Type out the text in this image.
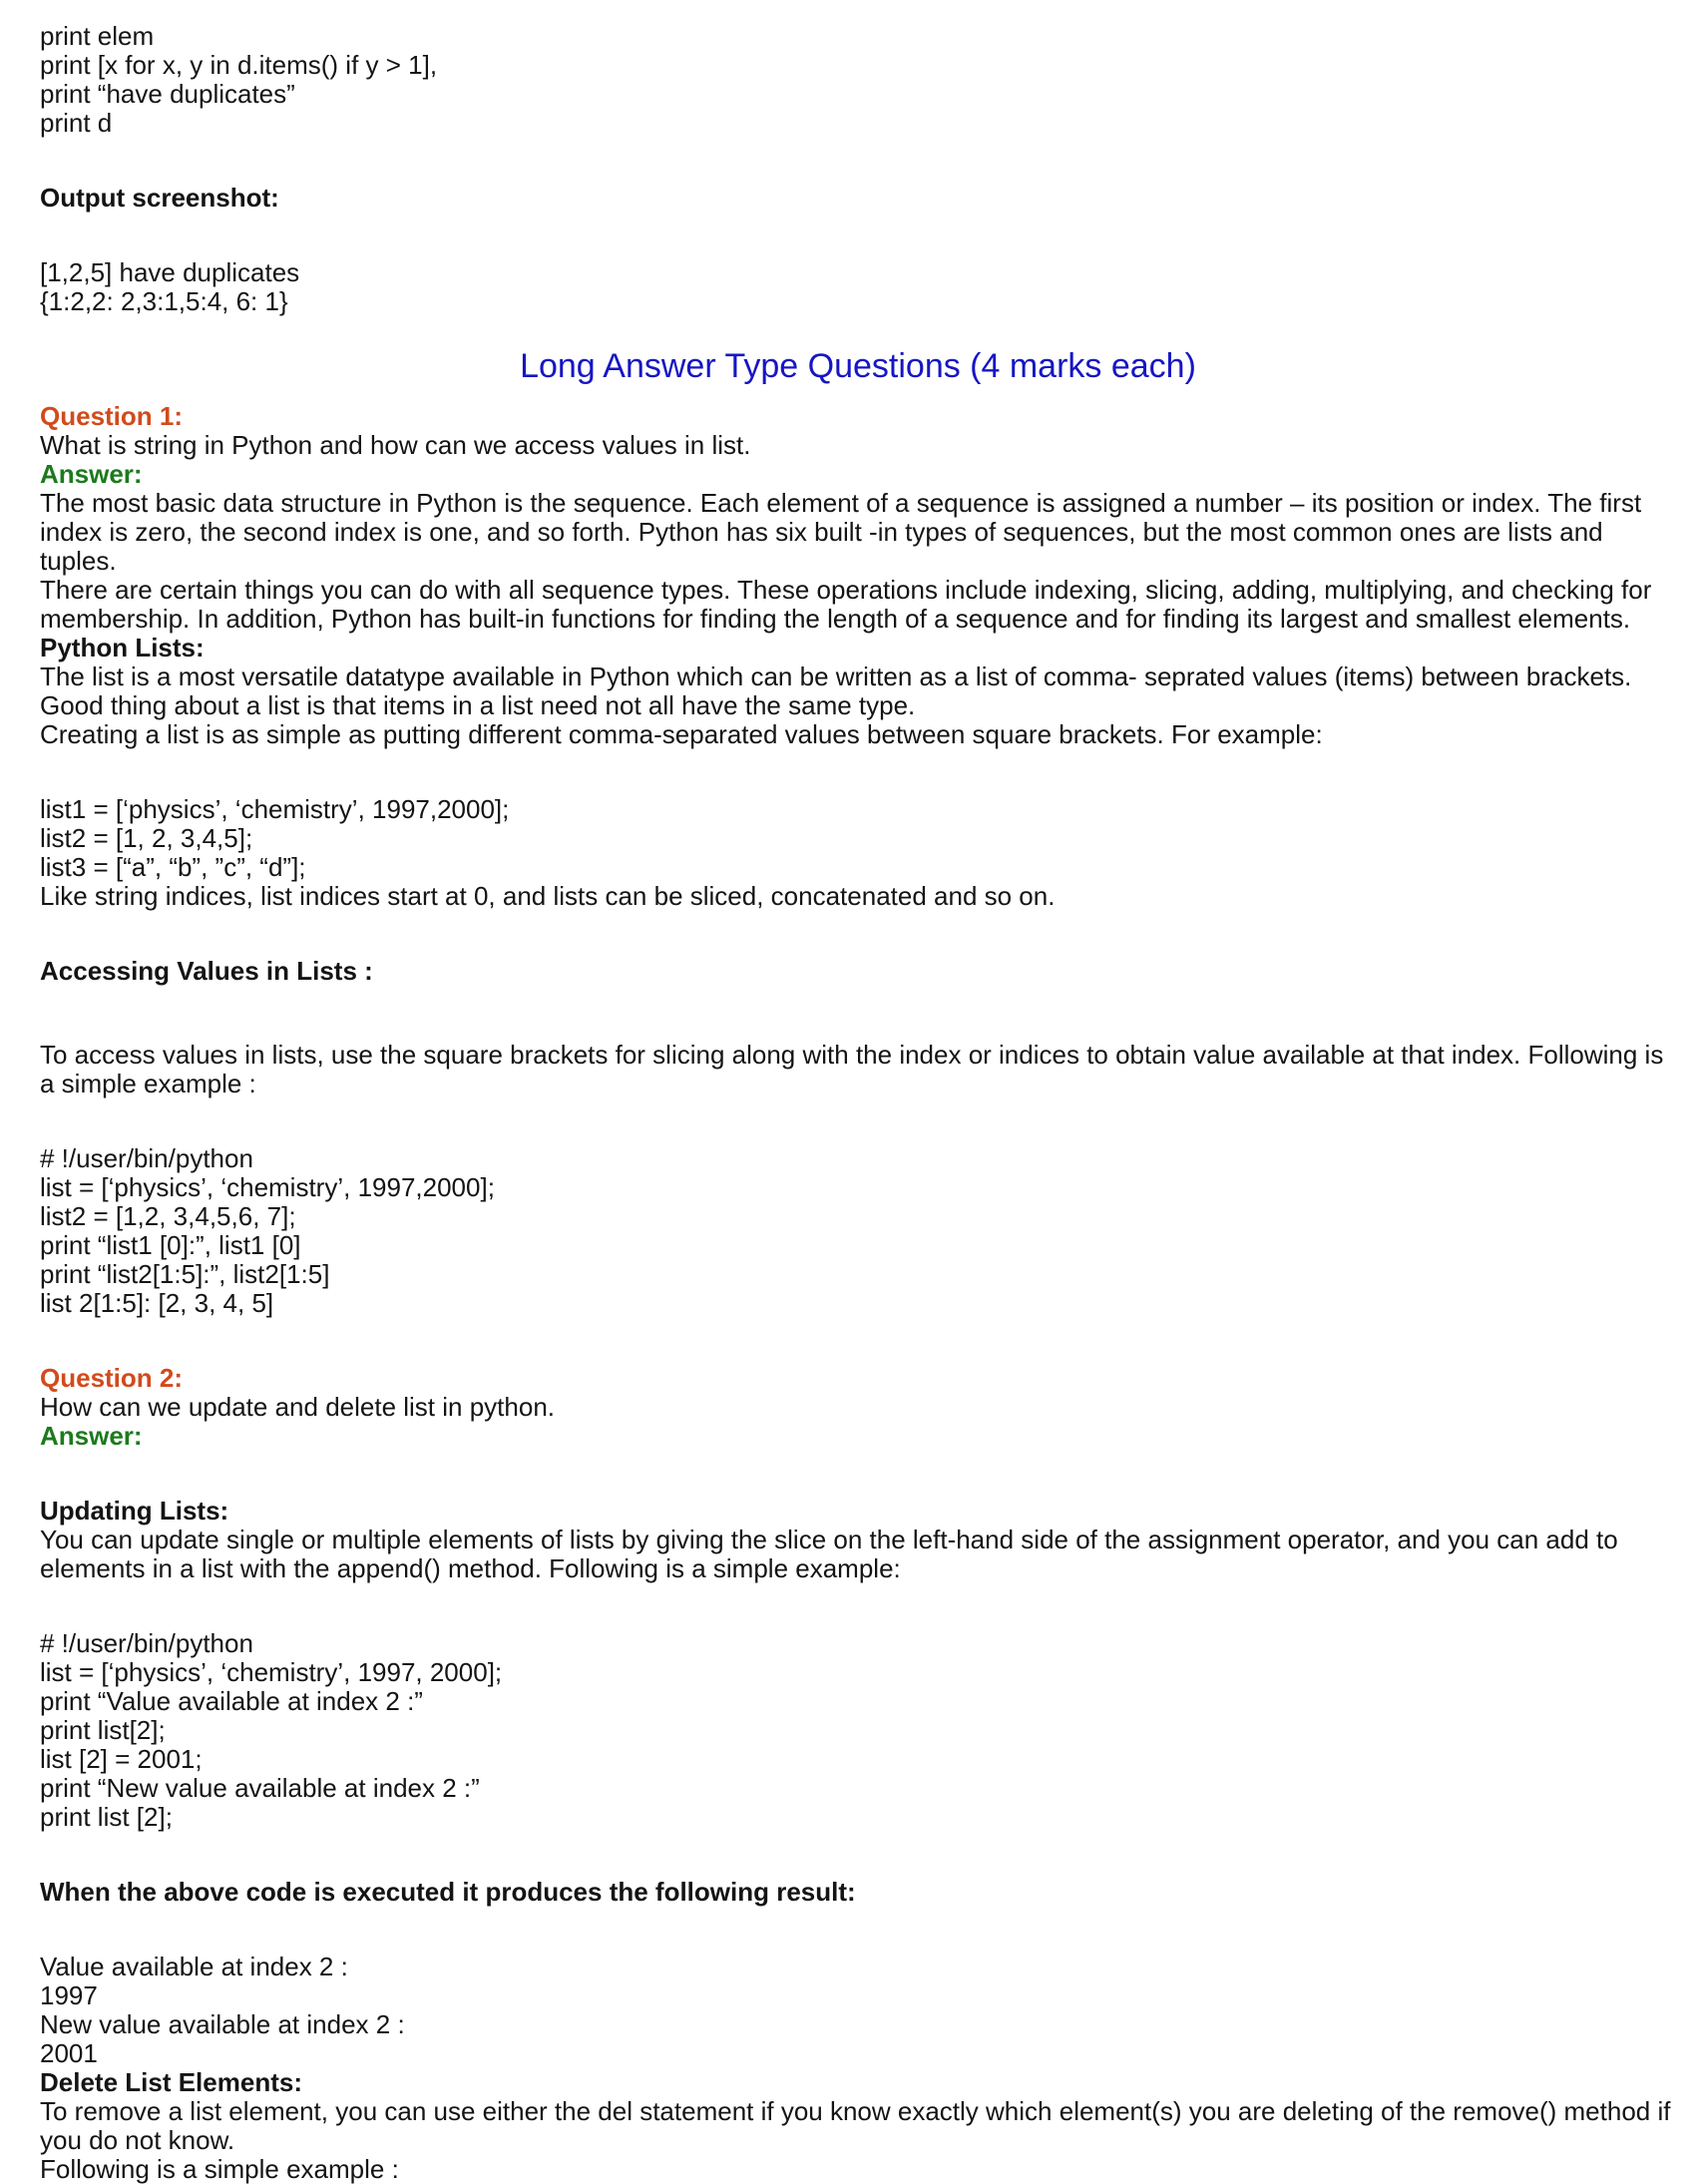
print elem

print [x for x, y in d.items() if y > 1],

print “have duplicates”

print d

Output screenshot:

[1,2,5] have duplicates

{1:2,2: 2,3:1,5:4, 6: 1}

Long Answer Type Questions (4 marks each)

Question 1:

What is string in Python and how can we access values in list.

Answer:

The most basic data structure in Python is the sequence. Each element of a sequence is assigned a number – its position or index. The first index is zero, the second index is one, and so forth. Python has six built -in types of sequences, but the most common ones are lists and tuples.

There are certain things you can do with all sequence types. These operations include indexing, slicing, adding, multiplying, and checking for membership. In addition, Python has built-in functions for finding the length of a sequence and for finding its largest and smallest elements.

Python Lists:

The list is a most versatile datatype available in Python which can be written as a list of comma- seprated values (items) between brackets. Good thing about a list is that items in a list need not all have the same type.

Creating a list is as simple as putting different comma-separated values between square brackets. For example:

list1 = [‘physics’, ‘chemistry’, 1997,2000];

list2 = [1, 2, 3,4,5];

list3 = [“a”, “b”, ”c”, “d”];

Like string indices, list indices start at 0, and lists can be sliced, concatenated and so on.

Accessing Values in Lists :

To access values in lists, use the square brackets for slicing along with the index or indices to obtain value available at that index. Following is a simple example :

# !/user/bin/python

list = [‘physics’, ‘chemistry’, 1997,2000];

list2 = [1,2, 3,4,5,6, 7];

print “list1 [0]:”, list1 [0]

print “list2[1:5]:”, list2[1:5]

list 2[1:5]: [2, 3, 4, 5]

Question 2:

How can we update and delete list in python.

Answer:

Updating Lists:

You can update single or multiple elements of lists by giving the slice on the left-hand side of the assignment operator, and you can add to elements in a list with the append() method. Following is a simple example:

# !/user/bin/python

list = [‘physics’, ‘chemistry’, 1997, 2000];

print “Value available at index 2 :”

print list[2];

list [2] = 2001;

print “New value available at index 2 :”

print list [2];

When the above code is executed it produces the following result:

Value available at index 2 :

1997

New value available at index 2 :

2001

Delete List Elements:

To remove a list element, you can use either the del statement if you know exactly which element(s) you are deleting of the remove() method if you do not know.

Following is a simple example :
